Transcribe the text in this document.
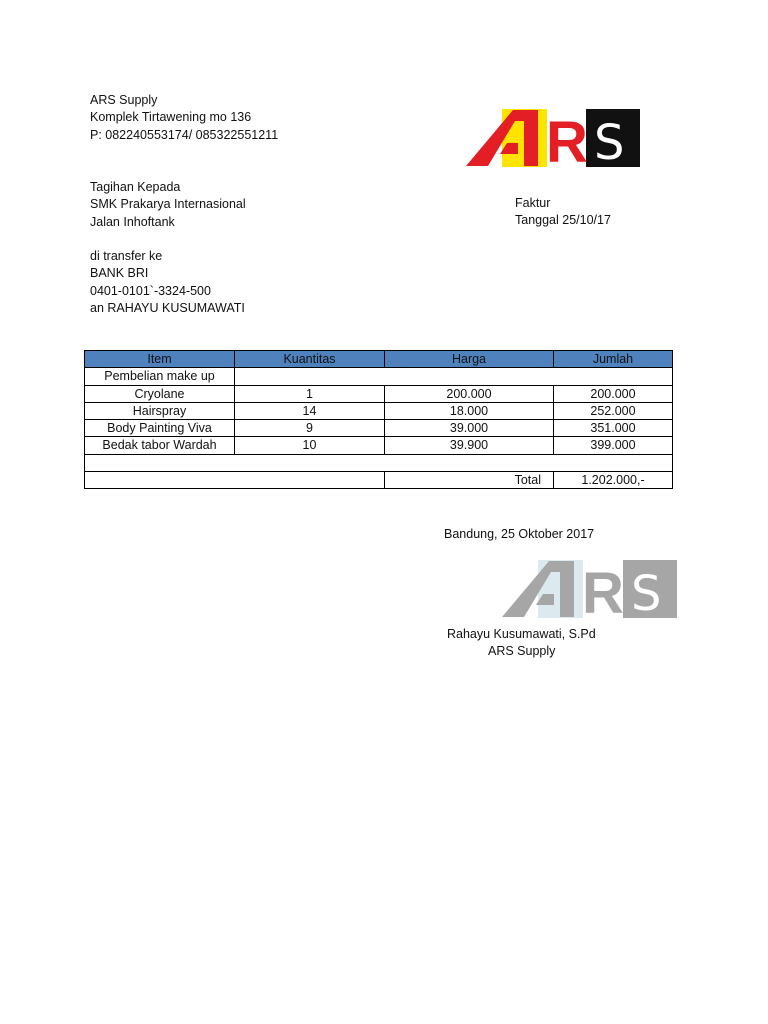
ARS Supply
Komplek Tirtawening mo 136
P: 082240553174/ 085322551211	R S
Tagihan Kepada
SMK Prakarya Internasional
Jalan Inhoftank
Faktur
Tanggal 25/10/17
di transfer ke
BANK BRI
0401-0101`-3324-500
an RAHAYU KUSUMAWATI
Item	Kuantitas	Harga	Jumlah
Pembelian make up			
Cryolane	1	200.000	200.000
Hairspray	14	18.000	252.000
Body Painting Viva	9	39.000	351.000
Bedak tabor Wardah	10	39.900	399.000

		Total	1.202.000,-
Bandung, 25 Oktober 2017
R S
Rahayu Kusumawati, S.Pd
ARS Supply
